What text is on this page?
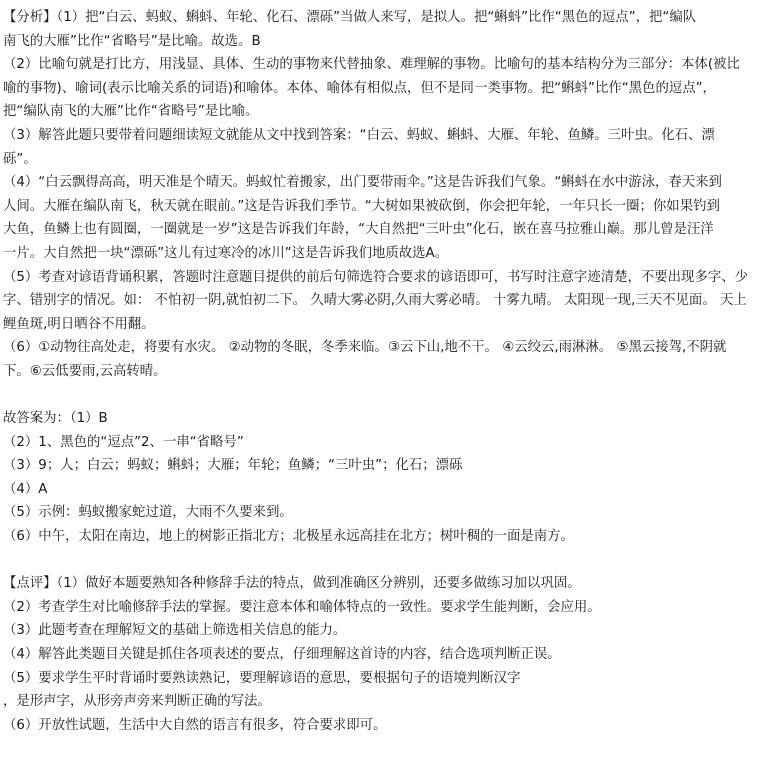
【分析】（1）把“白云、蚂蚁、蝌蚪、年轮、化石、漂砾”当做人来写，是拟人。把“蝌蚪”比作“黑色的逗点”，把“编队
南飞的大雁”比作“省略号”是比喻。故选。B
（2）比喻句就是打比方，用浅显、具体、生动的事物来代替抽象、难理解的事物。比喻句的基本结构分为三部分：本体(被比
喻的事物)、喻词(表示比喻关系的词语)和喻体。本体、喻体有相似点，但不是同一类事物。把“蝌蚪”比作“黑色的逗点”，
把“编队南飞的大雁”比作“省略号”是比喻。
（3）解答此题只要带着问题细读短文就能从文中找到答案：“白云、蚂蚁、蝌蚪、大雁、年轮、鱼鳞。三叶虫。化石、漂
砾”。
（4）“白云飘得高高，明天准是个晴天。蚂蚁忙着搬家，出门要带雨伞。”这是告诉我们气象。“蝌蚪在水中游泳，春天来到
人间。大雁在编队南飞，秋天就在眼前。”这是告诉我们季节。“大树如果被砍倒，你会把年轮，一年只长一圈；你如果钓到
大鱼，鱼鳞上也有圆圈，一圈就是一岁”这是告诉我们年龄，“大自然把“三叶虫”化石，嵌在喜马拉雅山巅。那儿曾是汪洋
一片。大自然把一块“漂砾”这儿有过寒冷的冰川”这是告诉我们地质故选A。
（5）考查对谚语背诵积累，答题时注意题目提供的前后句筛选符合要求的谚语即可，书写时注意字迹清楚，不要出现多字、少
字、错别字的情况。如： 不怕初一阴,就怕初二下。 久晴大雾必阴,久雨大雾必晴。 十雾九晴。 太阳现一现,三天不见面。 天上
鲤鱼斑,明日晒谷不用翻。
（6）①动物往高处走，将要有水灾。 ②动物的冬眠，冬季来临。③云下山,地不干。 ④云绞云,雨淋淋。 ⑤黑云接驾,不阴就
下。⑥云低要雨,云高转晴。
故答案为：（1）B
（2）1、黑色的“逗点”2、一串“省略号”
（3）9；人；白云；蚂蚁；蝌蚪；大雁；年轮；鱼鳞；“三叶虫”；化石；漂砾
（4）A
（5）示例：蚂蚁搬家蛇过道，大雨不久要来到。
（6）中午，太阳在南边，地上的树影正指北方；北极星永远高挂在北方；树叶稠的一面是南方。
【点评】（1）做好本题要熟知各种修辞手法的特点，做到准确区分辨别，还要多做练习加以巩固。
（2）考查学生对比喻修辞手法的掌握。要注意本体和喻体特点的一致性。要求学生能判断，会应用。
（3）此题考查在理解短文的基础上筛选相关信息的能力。
（4）解答此类题目关键是抓住各项表述的要点，仔细理解这首诗的内容，结合选项判断正误。
（5）要求学生平时背诵时要熟读熟记，要理解谚语的意思，要根据句子的语境判断汉字
，是形声字，从形旁声旁来判断正确的写法。
（6）开放性试题，生活中大自然的语言有很多，符合要求即可。
